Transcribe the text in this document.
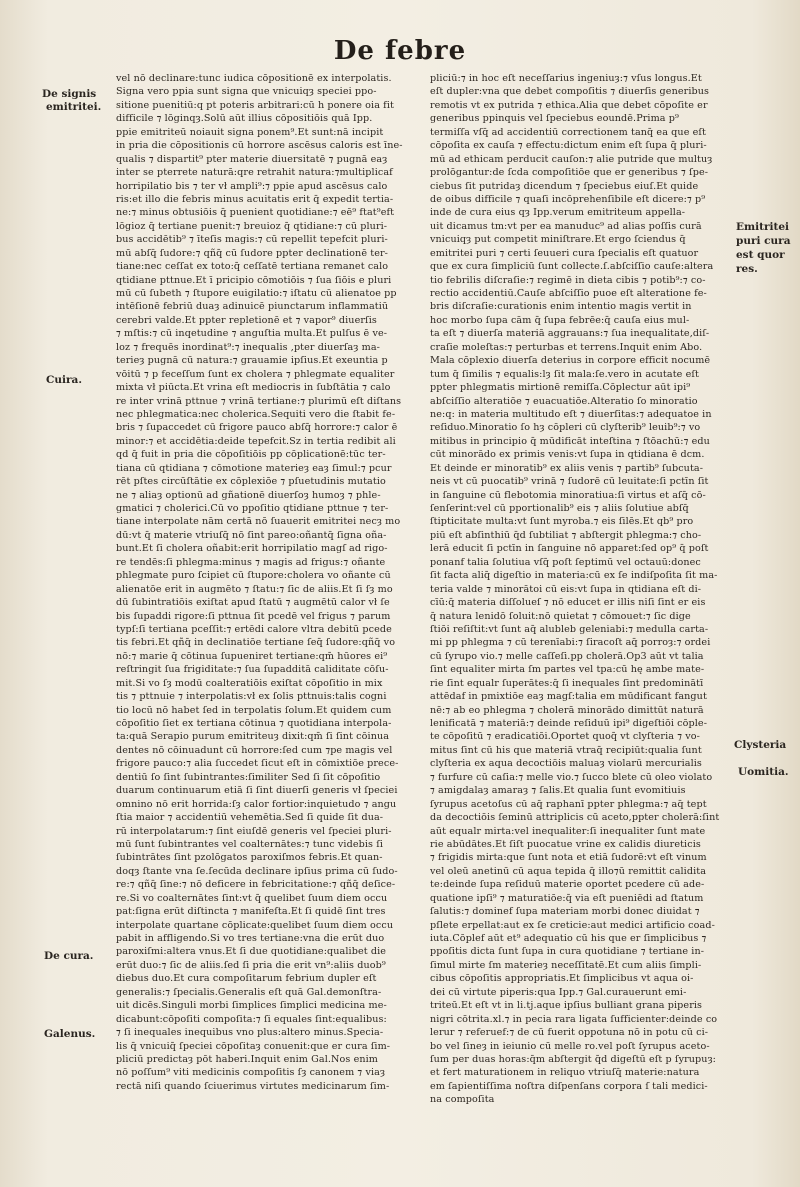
De febre
De signis
emitritei.
Cuira.
De cura.
Galenus.
Emitritei
puri cura
est quor
res.
Clysteria
Uomitia.
vel nō declinare:tunc iudica cōpositionē ex interpolatis.
Signa vero ppia sunt signa que vnicuiqȝ speciei ppo-
sitione puenitiū:q pt poteris arbitrari:cū h ponere oia fit
difficile ⁊ lōginqȝ.Solū aūt illius cōpositiōis quā Ipp.
ppie emitriteū noiauit signa ponem⁹.Et sunt:nā incipit
in pria die cōpositionis cū horrore ascēsus caloris est īne-
qualis ⁊ dispartit⁹ pter materie diuersitatē ⁊ pugnā eaȝ
inter se pterrete naturā:qre retrahit natura:⁊multiplicaf
horripilatio bis ⁊ ter vł ampli⁹:⁊ ppie apud ascēsus calo
ris:et illo die febris minus acuitatis erit q̄ expedit tertia-
ne:⁊ minus obtusiōis q̄ puenient quotidiane:⁊ eē⁹ ftat⁹eft
lōgioz q̄ tertiane puenit:⁊ breuioz q̄ qtidiane:⁊ cū pluri-
bus accidētib⁹ ⁊ īteſis magis:⁊ cū repellit tepefcit pluri-
mū abſq̄ ſudore:⁊ qñq̄ cū ſudore ppter declinationē ter-
tiane:nec ceſſat ex toto:q̄ ceſſatē tertiana remanet calo
qtidiane pttnue.Et ī pricipio cōmotiōis ⁊ ſua ſiōis e pluri
mū cū ſubeth ⁊ ſtupore euigilatio:⁊ iſtatu cū alienatoe pp
intēſionē febriū duaȝ adinuicē piunctarum inflammatiū
cerebri valde.Et ppter repletionē et ⁊ vapor⁹ diuerſis
⁊ mſtis:⁊ cū inqetudine ⁊ anguſtia multa.Et pulſus ē ve-
loz ⁊ frequēs inordinat⁹:⁊ inequalis ,pter diuerſaȝ ma-
terieȝ pugnā cū natura:⁊ grauamie ipſius.Et exeuntia p
vōitū ⁊ p feceſſum ſunt ex cholera ⁊ phlegmate equaliter
mixta vł piūcta.Et vrina eſt mediocris in ſubſtātia ⁊ calo
re inter vrinā pttnue ⁊ vrinā tertiane:⁊ plurimū eſt diſtans
nec phlegmatica:nec cholerica.Sequiti vero die ſtabit fe-
bris ⁊ ſupaccedet cū frigore pauco abſq̄ horrore:⁊ calor ē
minor:⁊ et accidētia:deide tepefcit.Sz in tertia redibit ali
qd q̄ fuit in pria die cōpoſitiōis pp cōplicationē:tūc ter-
tiana cū qtidiana ⁊ cōmotione materieȝ eaȝ ſimul:⁊ pcur
rēt pſtes circūſtātie ex cōplexiōe ⁊ pſuetudinis mutatio
ne ⁊ aliaȝ optionū ad gñationē diuerſoȝ humoȝ ⁊ phle-
gmatici ⁊ cholerici.Cū vo ppoſitio qtidiane pttnue ⁊ ter-
tiane interpolate nām certā nō ſuauerit emitritei necȝ mo
dū:vt q̄ materie vtriuſq̄ nō ſint pareo:oñantq̄ ſigna oña-
bunt.Et ſi cholera oñabit:erit horripilatio magſ ad rigo-
re tendēs:ſi phlegma:minus ⁊ magis ad frigus:⁊ oñante
phlegmate puro ſcipiet cū ſtupore:cholera vo oñante cū
alienatōe erit in augmēto ⁊ ſtatu:⁊ ſic de aliis.Et ſi ſȝ mo
dū ſubintratiōis exiſtat apud ſtatū ⁊ augmētū calor vł ſe
bis ſupaddi rigore:ſi pttnua ſit pcedē vel frigus ⁊ parum
typſ:ſi tertiana pceſſit:⁊ ertēdi calore vltra debitū pcede
tis febri.Et qñq̄ in declinatiōe tertiane ſeq̄ ſudore:qñq̄ vo
nō:⁊ marie q̄ cōtinua ſupueniret tertiane:qm̄ hūores ei⁹
reſtringit ſua frigiditate:⁊ ſua ſupadditā caliditate cōſu-
mit.Si vo ſȝ modū coalteratiōis exiſtat cōpoſitio in mix
tis ⁊ pttnuie ⁊ interpolatis:vł ex ſolis pttnuis:talis cogni
tio locū nō habet ſed in terpolatis ſolum.Et quidem cum
cōpoſitio ſiet ex tertiana cōtinua ⁊ quotidiana interpola-
ta:quā Serapio purum emitriteuȝ dixit:qm̄ ſi ſint cōinua
dentes nō cōinuadunt cū horrore:ſed cum ⁊pe magis vel
frigore pauco:⁊ alia ſuccedet ſicut eſt in cōmixtiōe prece-
dentiū ſo ſint ſubintrantes:ſimiliter Sed ſi ſit cōpoſitio
duarum continuarum etiā ſi ſint diuerſi generis vł ſpeciei
omnino nō erit horrida:ſȝ calor fortior:inquietudo ⁊ angu
ſtia maior ⁊ accidentiū vehemētia.Sed ſi quide ſit dua-
rū interpolatarum:⁊ ſint eiuſdē generis vel ſpeciei pluri-
mū ſunt ſubintrantes vel coalternātes:⁊ tunc videbis ſi
ſubintrātes ſint pzolōgatos paroxiſmos febris.Et quan-
doqȝ ſtante vna ſe.ſecūda declinare ipſius prima cū ſudo-
re:⁊ qñq̄ ſine:⁊ nō deficere in febricitatione:⁊ qñq̄ deſice-
re.Si vo coalternātes ſint:vt q̄ quelibet ſuum diem occu
pat:ſigna erūt diſtincta ⁊ manifeſta.Et ſi quidē ſint tres
interpolate quartane cōplicate:quelibet ſuum diem occu
pabit in affligendo.Si vo tres tertiane:vna die erūt duo
paroxiſmi:altera vnus.Et ſi due quotidiane:qualibet die
erūt duo:⁊ ſic de aliis.ſed ſi pria die erit vn⁹:aliis duob⁹
diebus duo.Et cura compoſitarum febrium dupler eſt
generalis:⁊ ſpecialis.Generalis eſt quā Gal.demonſtra-
uit dicēs.Singuli morbi ſimplices ſimplici medicina me-
dicabunt:cōpoſiti compoſita:⁊ ſi equales ſint:equalibus:
⁊ ſi inequales inequibus vno plus:altero minus.Specia-
lis q̄ vnicuiq̄ ſpeciei cōpoſitaȝ conuenit:que er cura ſim-
pliciū predictaȝ pōt haberi.Inquit enim Gal.Nos enim
nō poſſum⁹ viti medicinis compoſitis ſȝ canonem ⁊ viaȝ
rectā niſi quando ſciuerimus virtutes medicinarum ſim-
pliciū:⁊ in hoc eſt neceſſarius ingeniuȝ:⁊ vſus longus.Et
eſt dupler:vna que debet compoſitis ⁊ diuerſis generibus
remotis vt ex putrida ⁊ ethica.Alia que debet cōpoſite er
generibus ppinquis vel ſpeciebus eoundē.Prima p⁹
termiſſa vſq̄ ad accidentiū correctionem tanq̄ ea que eſt
cōpoſita ex cauſa ⁊ effectu:dictum enim eſt ſupa q̄ pluri-
mū ad ethicam perducit cauſon:⁊ alie putride que multuȝ
prolōgantur:de ſcda compoſitiōe que er generibus ⁊ ſpe-
ciebus ſit putridaȝ dicendum ⁊ ſpeciebus eiuſ.Et quide
de oibus difficile ⁊ quaſi incōprehenſibile eſt dicere:⁊ p⁹
inde de cura eius qȝ Ipp.verum emitriteum appella-
uit dicamus tm:vt per ea manuduc⁹ ad alias poſſis curā
vnicuiqȝ put competit miniſtrare.Et ergo ſciendus q̄
emitritei puri ⁊ certi ſeuueri cura ſpecialis eſt quatuor
que ex cura ſimpliciū ſunt collecte.ſ.abſciſſio cauſe:altera
tio febrilis diſcraſie:⁊ regimē in dieta cibis ⁊ potib⁹:⁊ co-
rectio accidentiū.Cauſe abſciſſio puoe eſt alteratione fe-
bris diſcraſie:curationis enim intentio magis vertit in
hoc morbo ſupa cām q̄ ſupa febrēe:q̄ cauſa eius mul-
ta eſt ⁊ diuerſa materiā aggrauans:⁊ ſua inequalitate,diſ-
craſie moleſtas:⁊ perturbas et terrens.Inquit enim Abo.
Mala cōplexio diuerſa deterius in corpore efficit nocumē
tum q̄ ſimilis ⁊ equalis:lȝ ſit mala:ſe.vero in acutate eſt
ppter phlegmatis mirtionē remiſſa.Cōplectur aūt ipi⁹
abſciſſio alteratiōe ⁊ euacuatiōe.Alteratio ſo minoratio
ne:q: in materia multitudo eſt ⁊ diuerſitas:⁊ adequatoe in
reſiduo.Minoratio ſo hȝ cōpleri cū clyſterib⁹ leuib⁹:⁊ vo
mitibus in principio q̄ mūdificāt inteſtina ⁊ ſtōachū:⁊ edu
cūt minorādo ex primis venis:vt ſupa in qtidiana ē dcm.
Et deinde er minoratib⁹ ex aliis venis ⁊ partib⁹ ſubcuta-
neis vt cū puocatib⁹ vrinā ⁊ ſudorē cū leuitate:ſi pctīn ſit
in ſanguine cū flebotomia minoratiua:ſi virtus et aſq̄ cō-
ſenſerint:vel cū pportionalib⁹ eis ⁊ aliis ſolutiue abſq̄
ſtipticitate multa:vt ſunt myroba.⁊ eis ſilēs.Et qb⁹ pro
piū eſt abſinthiū q̄d ſubtiliat ⁊ abſtergit phlegma:⁊ cho-
lerā educit ſi pctīn in ſanguine nō apparet:ſed op⁹ q̄ poſt
ponanf talia ſolutiua vſq̄ poſt ſeptimū vel octauū:donec
ſit facta aliq̄ digeſtio in materia:cū ex ſe indiſpoſita ſit ma-
teria valde ⁊ minorātoi cū eis:vt ſupa in qtidiana eſt di-
cīū:q̄ materia diſſolueſ ⁊ nō educet er illis niſi ſint er eis
q̄ natura lenidō ſoluit:nō quietat ⁊ cōmouet:⁊ ſic dige
ſtiōi reſiſtit:vt ſunt aq̄ alubleb geleniabi:⁊ medulla carta-
mi pp phlegma ⁊ cū terenīabi:⁊ ſiracoſt aq̄ porroȝ:⁊ ordei
cū ſyrupo vio.⁊ melle caſſeſi.pp cholerā.Op3 aūt vt talia
ſint equaliter mirta ſm partes vel tpa:cū hę ambe mate-
rie ſint equalr ſuperātes:q̄ ſi inequales ſint predominātī
attēdaf in pmixtiōe eaȝ magſ:talia em mūdificant fangut
nē:⁊ ab eo phlegma ⁊ cholerā minorādo dimittūt naturā
lenificatā ⁊ materiā:⁊ deinde reſiduū ipi⁹ digeſtiōi cōple-
te cōpoſitū ⁊ eradicatiōi.Oportet quoq̄ vt clyſteria ⁊ vo-
mitus ſint cū his que materiā vtraq̄ recipiūt:qualia ſunt
clyſteria ex aqua decoctiōis maluaȝ violarū mercurialis
⁊ furfure cū caſia:⁊ melle vio.⁊ ſucco blete cū oleo violato
⁊ amigdalaȝ amaraȝ ⁊ ſalis.Et qualia ſunt evomitiuis
ſyrupus acetoſus cū aq̄ raphanī ppter phlegma:⁊ aq̄ tept
da decoctiōis ſeminū attriplicis cū aceto,ppter cholerā:ſint
aūt equalr mirta:vel inequaliter:ſi inequaliter ſunt mate
rie abūdātes.Et ſiſt puocatue vrine ex calidis diureticis
⁊ frigidis mirta:que ſunt nota et etiā ſudorē:vt eſt vinum
vel oleū anetinū cū aqua tepida q̄ illo⁊ū remittit calidita
te:deinde ſupa reſiduū materie oportet pcedere cū ade-
quatione ipſi⁹ ⁊ maturatiōe:q̄ via eſt pueniēdi ad ſtatum
ſalutis:⁊ dominef ſupa materiam morbi donec diuidat ⁊
pſlete erpellat:aut ex ſe creticie:aut medici artificio coad-
iuta.Cōplef aūt et⁹ adequatio cū his que er ſimplicibus ⁊
ppoſitis dicta ſunt ſupa in cura quotidiane ⁊ tertiane in-
ſimul mirte ſm materieȝ neceſſitatē.Et cum aliis ſimpli-
cibus cōpoſitis appropriatis.Et ſimplicibus vt aqua oi-
dei cū virtute piperis:qua Ipp.⁊ Gal.curauerunt emi-
triteū.Et eſt vt in li.tj.aque ipſius bulliant grana piperis
nigri cōtrita.xl.⁊ in pecia rara ligata ſufficienter:deinde co
lerur ⁊ referuef:⁊ de cū fuerit oppotuna nō in potu cū ci-
bo vel ſineȝ in ieiunio cū melle ro.vel poſt ſyrupus aceto-
ſum per duas horas:q̄m abſtergit q̄d digeſtū eſt p ſyrupuȝ:
et fert maturationem in reliquo vtriuſq̄ materie:natura
em ſapientiſſima noſtra diſpenſans corpora ſ tali medici-
na compoſita
